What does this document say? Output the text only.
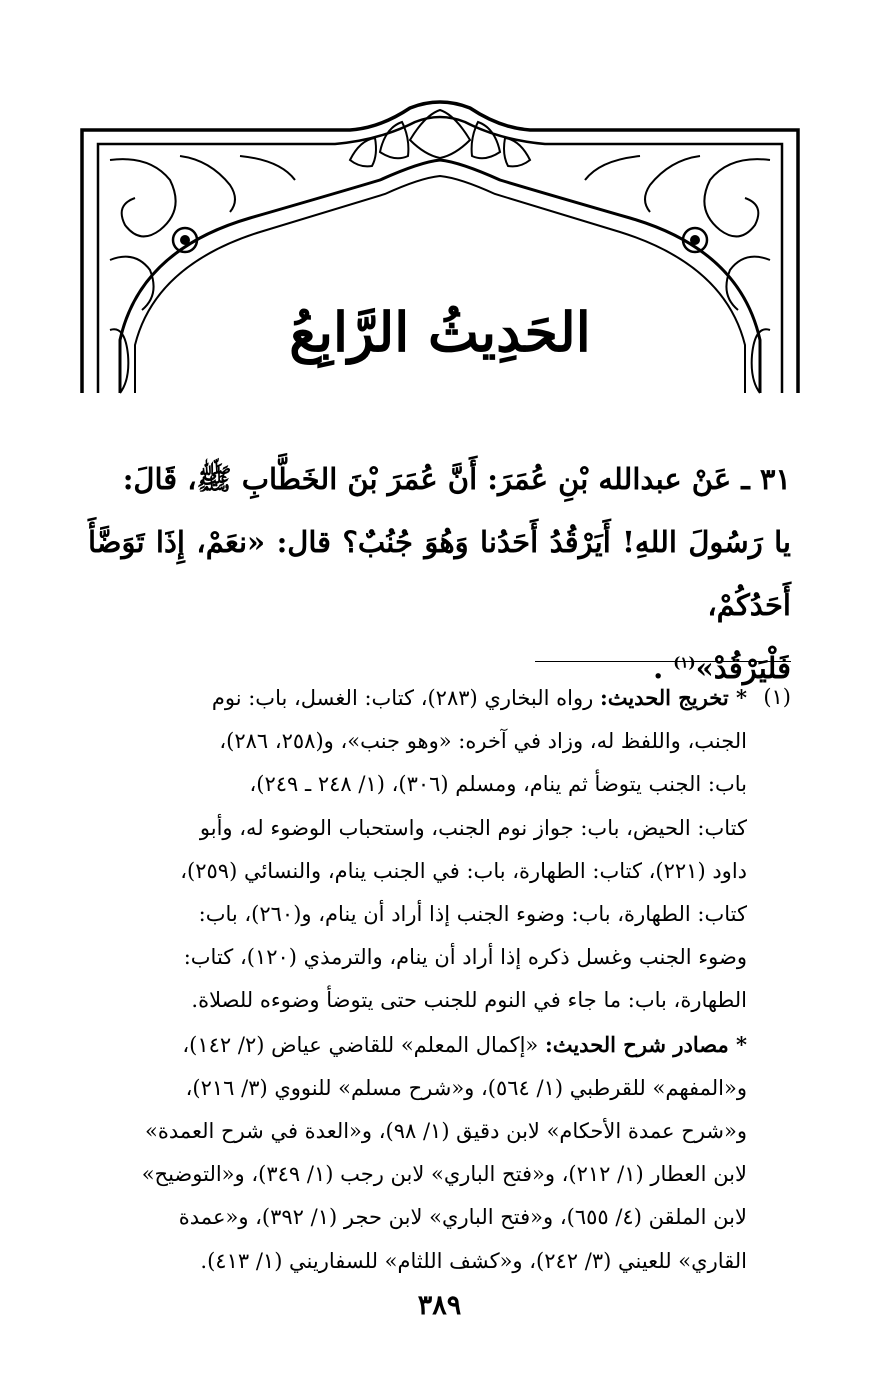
الحَدِيثُ الرَّابِعُ

٣١ ـ عَنْ عبدالله بْنِ عُمَرَ: أَنَّ عُمَرَ بْنَ الخَطَّابِ ﷺ، قَالَ:

يا رَسُولَ اللهِ! أَيَرْقُدُ أَحَدُنا وَهُوَ جُنُبٌ؟ قال: «نعَمْ، إِذَا تَوَضَّأَ أَحَدُكُمْ،

فَلْيَرْقُدْ»$^{(١)}$ .

(١)

* تخريج الحديث: رواه البخاري (٢٨٣)، كتاب: الغسل، باب: نوم

الجنب، واللفظ له، وزاد في آخره: «وهو جنب»، و(٢٥٨، ٢٨٦)،

باب: الجنب يتوضأ ثم ينام، ومسلم (٣٠٦)، (١/ ٢٤٨ ـ ٢٤٩)،

كتاب: الحيض، باب: جواز نوم الجنب، واستحباب الوضوء له، وأبو

داود (٢٢١)، كتاب: الطهارة، باب: في الجنب ينام، والنسائي (٢٥٩)،

كتاب: الطهارة، باب: وضوء الجنب إذا أراد أن ينام، و(٢٦٠)، باب:

وضوء الجنب وغسل ذكره إذا أراد أن ينام، والترمذي (١٢٠)، كتاب:

الطهارة، باب: ما جاء في النوم للجنب حتى يتوضأ وضوءه للصلاة.

* مصادر شرح الحديث: «إكمال المعلم» للقاضي عياض (٢/ ١٤٢)،

و«المفهم» للقرطبي (١/ ٥٦٤)، و«شرح مسلم» للنووي (٣/ ٢١٦)،

و«شرح عمدة الأحكام» لابن دقيق (١/ ٩٨)، و«العدة في شرح العمدة»

لابن العطار (١/ ٢١٢)، و«فتح الباري» لابن رجب (١/ ٣٤٩)، و«التوضيح»

لابن الملقن (٤/ ٦٥٥)، و«فتح الباري» لابن حجر (١/ ٣٩٢)، و«عمدة

القاري» للعيني (٣/ ٢٤٢)، و«كشف اللثام» للسفاريني (١/ ٤١٣).

٣٨٩
